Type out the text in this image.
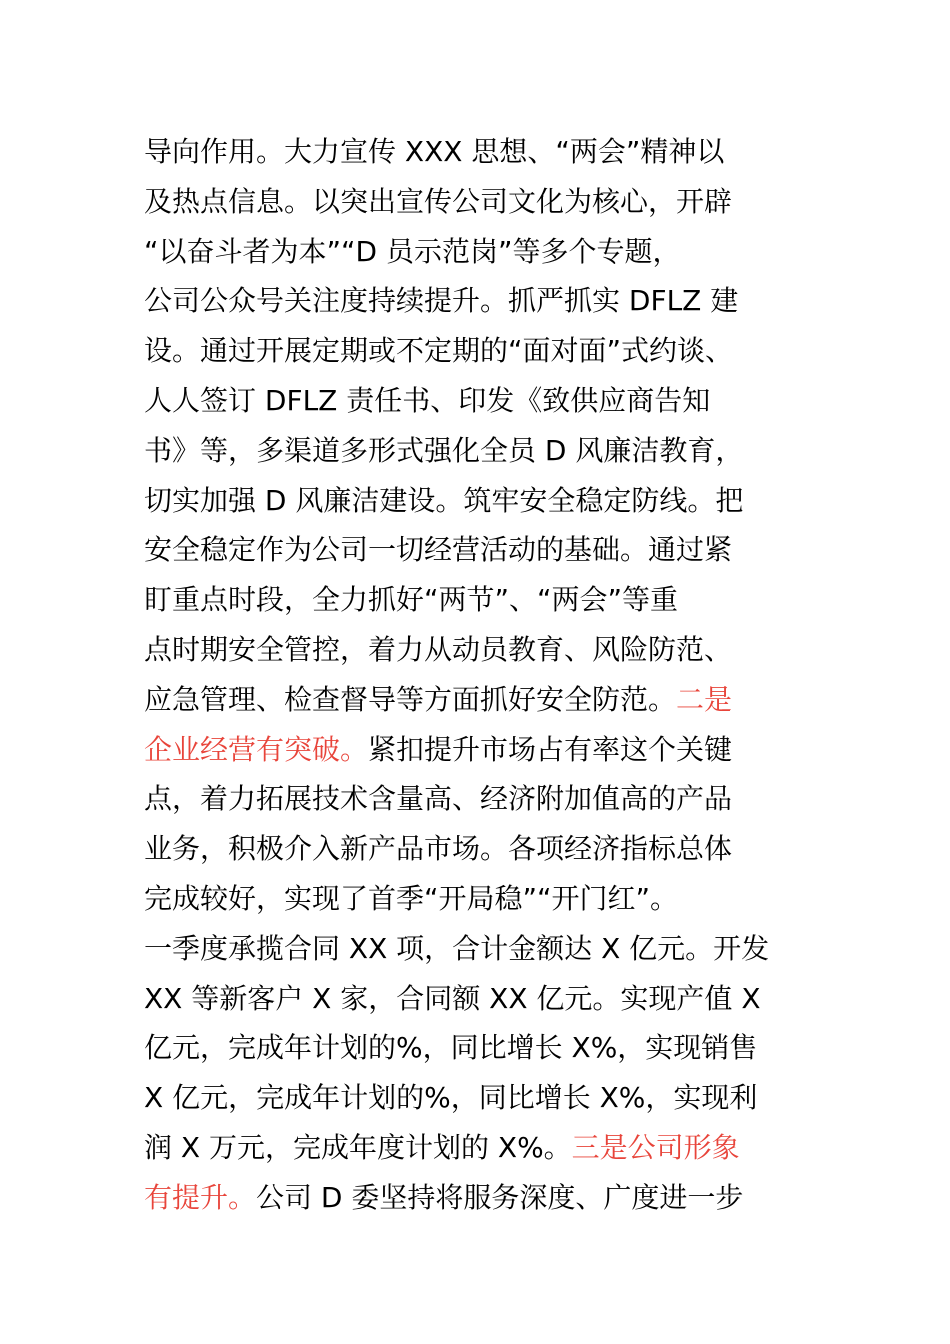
导向作用。大力宣传 XXX 思想、“两会”精神以
及热点信息。以突出宣传公司文化为核心，开辟
“以奋斗者为本”“D 员示范岗”等多个专题，
公司公众号关注度持续提升。抓严抓实 DFLZ 建
设。通过开展定期或不定期的“面对面”式约谈、
人人签订 DFLZ 责任书、印发《致供应商告知
书》等，多渠道多形式强化全员 D 风廉洁教育，
切实加强 D 风廉洁建设。筑牢安全稳定防线。把
安全稳定作为公司一切经营活动的基础。通过紧
盯重点时段，全力抓好“两节”、“两会”等重
点时期安全管控，着力从动员教育、风险防范、
应急管理、检查督导等方面抓好安全防范。二是
企业经营有突破。紧扣提升市场占有率这个关键
点，着力拓展技术含量高、经济附加值高的产品
业务，积极介入新产品市场。各项经济指标总体
完成较好，实现了首季“开局稳”“开门红”。
一季度承揽合同 XX 项，合计金额达 X 亿元。开发
XX 等新客户 X 家，合同额 XX 亿元。实现产值 X
亿元，完成年计划的%，同比增长 X%，实现销售
X 亿元，完成年计划的%，同比增长 X%，实现利
润 X 万元，完成年度计划的 X%。三是公司形象
有提升。公司 D 委坚持将服务深度、广度进一步
